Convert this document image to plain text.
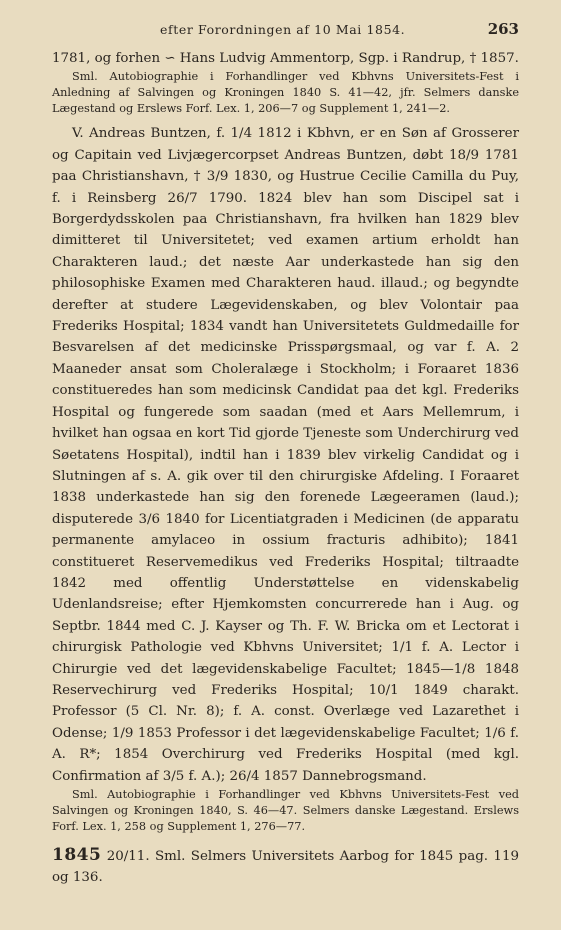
efter Forordningen af 10 Mai 1854.	263

1781, og forhen ∽ Hans Ludvig Ammentorp, Sgp. i Randrup, † 1857.

Sml. Autobiographie i Forhandlinger ved Kbhvns Universitets-Fest i Anledning af Salvingen og Kroningen 1840 S. 41—42, jfr. Selmers danske Lægestand og Erslews Forf. Lex. 1, 206—7 og Supplement 1, 241—2.

V. Andreas Buntzen, f. 1/4 1812 i Kbhvn, er en Søn af Grosserer og Capitain ved Livjægercorpset Andreas Buntzen, døbt 18/9 1781 paa Christianshavn, † 3/9 1830, og Hustrue Cecilie Camilla du Puy, f. i Reinsberg 26/7 1790. 1824 blev han som Discipel sat i Borgerdydsskolen paa Christianshavn, fra hvilken han 1829 blev dimitteret til Universitetet; ved examen artium erholdt han Charakteren laud.; det næste Aar underkastede han sig den philosophiske Examen med Charakteren haud. illaud.; og begyndte derefter at studere Lægevidenskaben, og blev Volontair paa Frederiks Hospital; 1834 vandt han Universitetets Guldmedaille for Besvarelsen af det medicinske Prisspørgsmaal, og var f. A. 2 Maaneder ansat som Choleralæge i Stockholm; i Foraaret 1836 constitueredes han som medicinsk Candidat paa det kgl. Frederiks Hospital og fungerede som saadan (med et Aars Mellemrum, i hvilket han ogsaa en kort Tid gjorde Tjeneste som Underchirurg ved Søetatens Hospital), indtil han i 1839 blev virkelig Candidat og i Slutningen af s. A. gik over til den chirurgiske Afdeling. I Foraaret 1838 underkastede han sig den forenede Lægeeramen (laud.); disputerede 3/6 1840 for Licentiatgraden i Medicinen (de apparatu permanente amylaceo in ossium fracturis adhibito); 1841 constitueret Reservemedikus ved Frederiks Hospital; tiltraadte 1842 med offentlig Understøttelse en videnskabelig Udenlandsreise; efter Hjemkomsten concurrerede han i Aug. og Septbr. 1844 med C. J. Kayser og Th. F. W. Bricka om et Lectorat i chirurgisk Pathologie ved Kbhvns Universitet; 1/1 f. A. Lector i Chirurgie ved det lægevidenskabelige Facultet; 1845—1/8 1848 Reservechirurg ved Frederiks Hospital; 10/1 1849 charakt. Professor (5 Cl. Nr. 8); f. A. const. Overlæge ved Lazarethet i Odense; 1/9 1853 Professor i det lægevidenskabelige Facultet; 1/6 f. A. R*; 1854 Overchirurg ved Frederiks Hospital (med kgl. Confirmation af 3/5 f. A.); 26/4 1857 Dannebrogsmand.

Sml. Autobiographie i Forhandlinger ved Kbhvns Universitets-Fest ved Salvingen og Kroningen 1840, S. 46—47. Selmers danske Lægestand. Erslews Forf. Lex. 1, 258 og Supplement 1, 276—77.

1845 20/11. Sml. Selmers Universitets Aarbog for 1845 pag. 119 og 136.
